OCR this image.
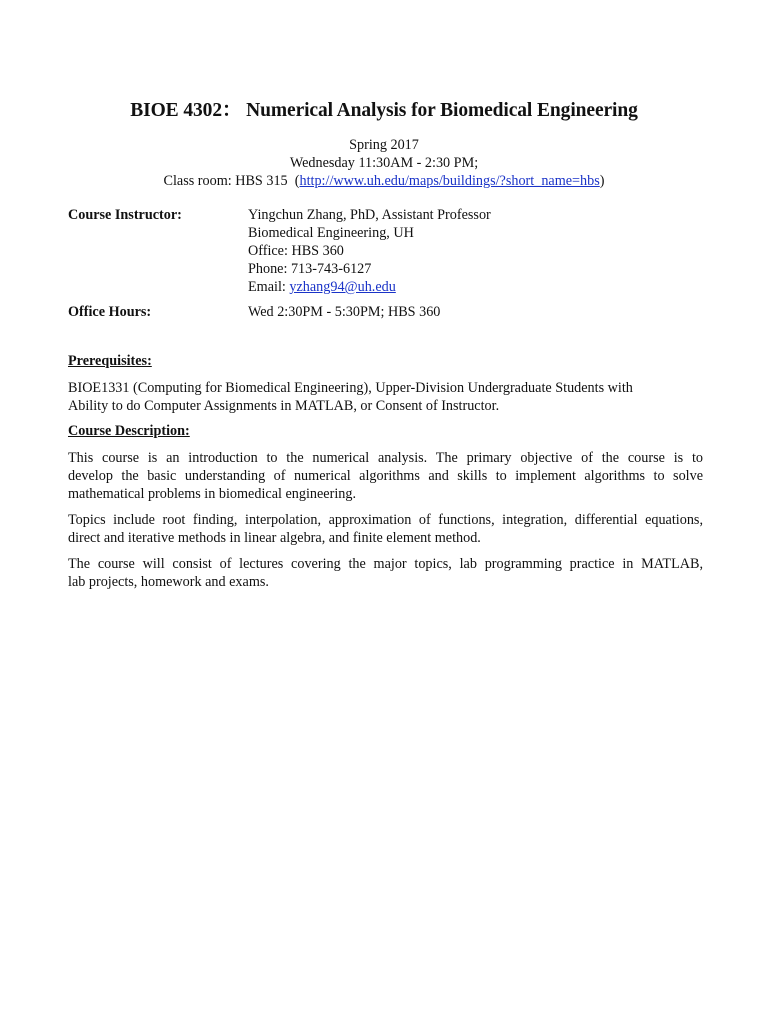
BIOE 4302： Numerical Analysis for Biomedical Engineering
Spring 2017
Wednesday 11:30AM - 2:30 PM;
Class room: HBS 315  (http://www.uh.edu/maps/buildings/?short_name=hbs)
Course Instructor:	Yingchun Zhang, PhD, Assistant Professor
Biomedical Engineering, UH
Office: HBS 360
Phone: 713-743-6127
Email: yzhang94@uh.edu
Office Hours:	Wed 2:30PM - 5:30PM; HBS 360
Prerequisites:
BIOE1331 (Computing for Biomedical Engineering), Upper-Division Undergraduate Students with
Ability to do Computer Assignments in MATLAB, or Consent of Instructor.
Course Description:
This course is an introduction to the numerical analysis. The primary objective of the course is to
develop the basic understanding of numerical algorithms and skills to implement algorithms to solve
mathematical problems in biomedical engineering.
Topics include root finding, interpolation, approximation of functions, integration, differential equations,
direct and iterative methods in linear algebra, and finite element method.
The course will consist of lectures covering the major topics, lab programming practice in MATLAB,
lab projects, homework and exams.
